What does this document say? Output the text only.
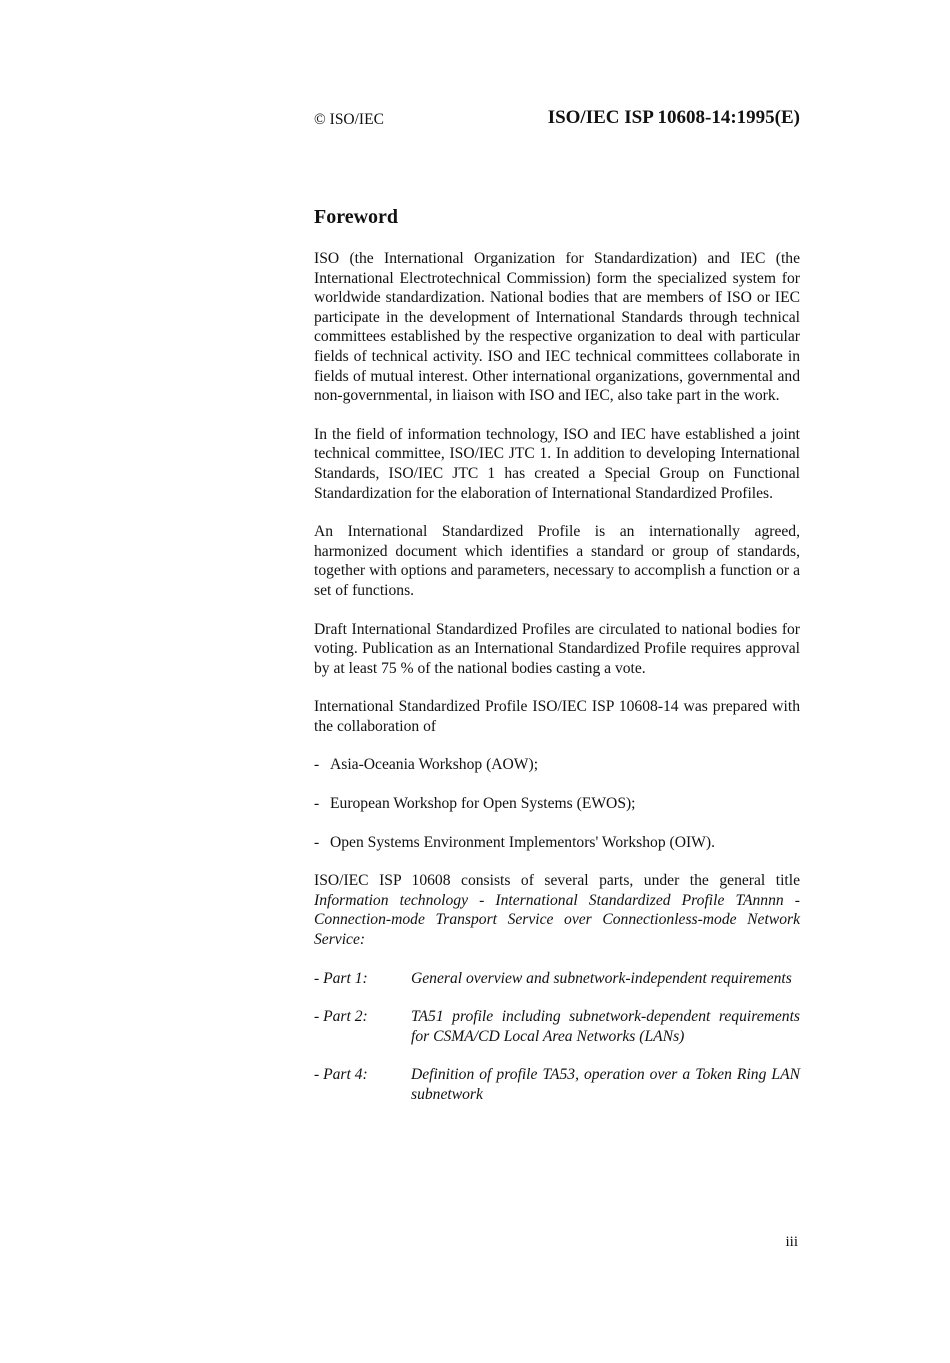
© ISO/IEC	ISO/IEC ISP 10608-14:1995(E)
Foreword

ISO (the International Organization for Standardization) and IEC (the International Electrotechnical Commission) form the specialized system for worldwide standardization. National bodies that are members of ISO or IEC participate in the development of International Standards through technical committees established by the respective organization to deal with particular fields of technical activity. ISO and IEC technical committees collaborate in fields of mutual interest. Other international organizations, governmental and non-governmental, in liaison with ISO and IEC, also take part in the work.

In the field of information technology, ISO and IEC have established a joint technical committee, ISO/IEC JTC 1. In addition to developing International Standards, ISO/IEC JTC 1 has created a Special Group on Functional Standardization for the elaboration of International Standardized Profiles.

An International Standardized Profile is an internationally agreed, harmonized document which identifies a standard or group of standards, together with options and parameters, necessary to accomplish a function or a set of functions.

Draft International Standardized Profiles are circulated to national bodies for voting. Publication as an International Standardized Profile requires approval by at least 75 % of the national bodies casting a vote.

International Standardized Profile ISO/IEC ISP 10608-14 was prepared with the collaboration of

- Asia-Oceania Workshop (AOW);
- European Workshop for Open Systems (EWOS);
- Open Systems Environment Implementors' Workshop (OIW).

ISO/IEC ISP 10608 consists of several parts, under the general title Information technology - International Standardized Profile TAnnnn - Connection-mode Transport Service over Connectionless-mode Network Service:

- Part 1:	General overview and subnetwork-independent requirements
- Part 2:	TA51 profile including subnetwork-dependent requirements for CSMA/CD Local Area Networks (LANs)
- Part 4:	Definition of profile TA53, operation over a Token Ring LAN subnetwork
iii
